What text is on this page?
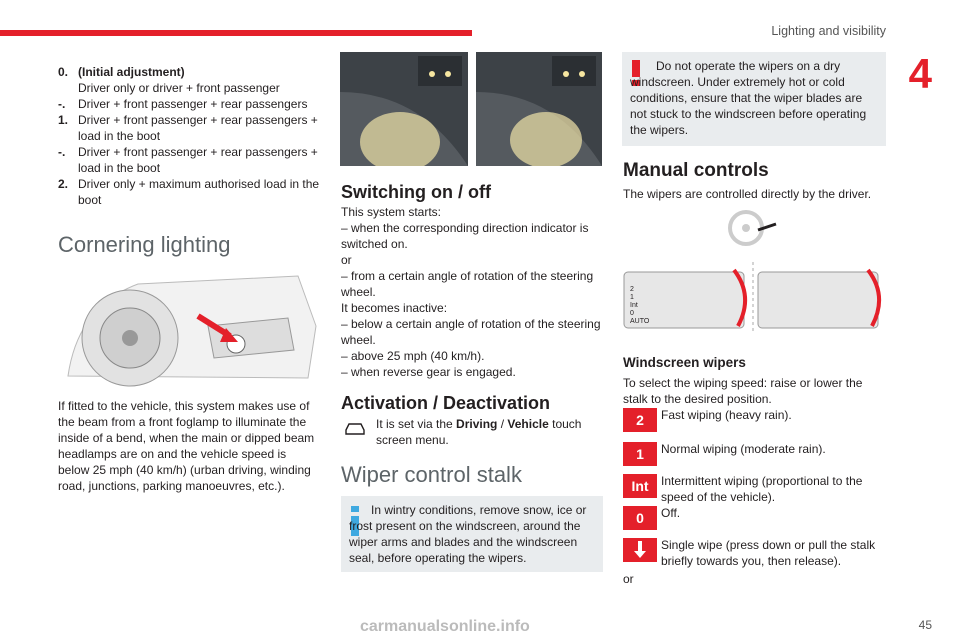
Lighting and visibility
4
0. (Initial adjustment)
Driver only or driver + front passenger
-.	Driver + front passenger + rear passengers
1. Driver + front passenger + rear passengers + load in the boot
-.	Driver + front passenger + rear passengers + load in the boot
2. Driver only + maximum authorised load in the boot
Cornering lighting
If fitted to the vehicle, this system makes use of the beam from a front foglamp to illuminate the inside of a bend, when the main or dipped beam headlamps are on and the vehicle speed is below 25 mph (40 km/h) (urban driving, winding road, junctions, parking manoeuvres, etc.).
Switching on / off
This system starts:
– when the corresponding direction indicator is switched on.
or
– from a certain angle of rotation of the steering wheel.
It becomes inactive:
– below a certain angle of rotation of the steering wheel.
– above 25 mph (40 km/h).
– when reverse gear is engaged.
Activation / Deactivation
It is set via the Driving / Vehicle touch screen menu.
Wiper control stalk
In wintry conditions, remove snow, ice or frost present on the windscreen, around the wiper arms and blades and the windscreen seal, before operating the wipers.
Do not operate the wipers on a dry windscreen. Under extremely hot or cold conditions, ensure that the wiper blades are not stuck to the windscreen before operating the wipers.
Manual controls
The wipers are controlled directly by the driver.
2
1
Int
0
AUTO
Windscreen wipers
To select the wiping speed: raise or lower the stalk to the desired position.
2	Fast wiping (heavy rain).
1	Normal wiping (moderate rain).
Int	Intermittent wiping (proportional to the speed of the vehicle).
0	Off.
Single wipe (press down or pull the stalk briefly towards you, then release).
or
45
carmanualsonline.info
